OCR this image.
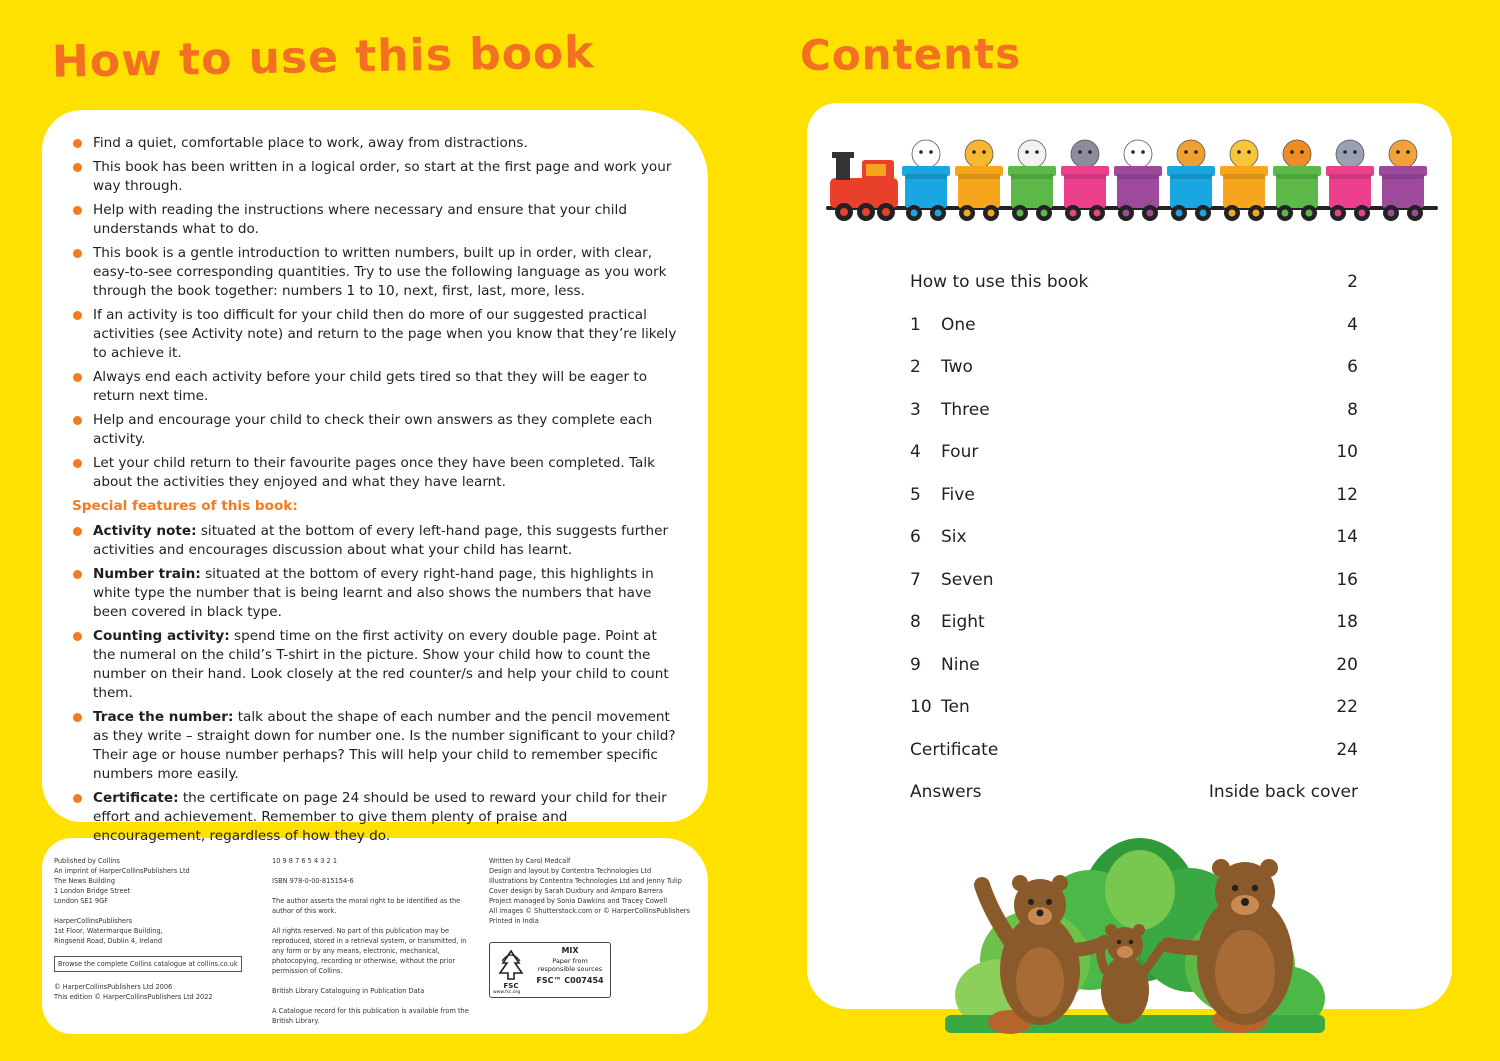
How to use this book	Contents
Find a quiet, comfortable place to work, away from distractions.
This book has been written in a logical order, so start at the first page and work your way through.
Help with reading the instructions where necessary and ensure that your child understands what to do.
This book is a gentle introduction to written numbers, built up in order, with clear, easy-to-see corresponding quantities. Try to use the following language as you work through the book together: numbers 1 to 10, next, first, last, more, less.
If an activity is too difficult for your child then do more of our suggested practical activities (see Activity note) and return to the page when you know that they’re likely to achieve it.
Always end each activity before your child gets tired so that they will be eager to return next time.
Help and encourage your child to check their own answers as they complete each activity.
Let your child return to their favourite pages once they have been completed. Talk about the activities they enjoyed and what they have learnt.

Special features of this book:

Activity note: situated at the bottom of every left-hand page, this suggests further activities and encourages discussion about what your child has learnt.
Number train: situated at the bottom of every right-hand page, this highlights in white type the number that is being learnt and also shows the numbers that have been covered in black type.
Counting activity: spend time on the first activity on every double page. Point at the numeral on the child’s T-shirt in the picture. Show your child how to count the number on their hand. Look closely at the red counter/s and help your child to count them.
Trace the number: talk about the shape of each number and the pencil movement as they write – straight down for number one. Is the number significant to your child? Their age or house number perhaps? This will help your child to remember specific numbers more easily.
Certificate: the certificate on page 24 should be used to reward your child for their effort and achievement. Remember to give them plenty of praise and encouragement, regardless of how they do.

Published by Collins
An imprint of HarperCollinsPublishers Ltd
The News Building
1 London Bridge Street
London SE1 9GF

HarperCollinsPublishers
1st Floor, Watermarque Building,
Ringsend Road, Dublin 4, Ireland

Browse the complete Collins catalogue at collins.co.uk

© HarperCollinsPublishers Ltd 2006
This edition © HarperCollinsPublishers Ltd 2022

10 9 8 7 6 5 4 3 2 1

ISBN 978-0-00-815154-6

The author asserts the moral right to be identified as the author of this work.

All rights reserved. No part of this publication may be reproduced, stored in a retrieval system, or transmitted, in any form or by any means, electronic, mechanical, photocopying, recording or otherwise, without the prior permission of Collins.

British Library Cataloguing in Publication Data

A Catalogue record for this publication is available from the British Library.

Written by Carol Medcalf
Design and layout by Contentra Technologies Ltd
Illustrations by Contentra Technologies Ltd and Jenny Tulip
Cover design by Sarah Duxbury and Amparo Barrera
Project managed by Sonia Dawkins and Tracey Cowell
All images © Shutterstock.com or © HarperCollinsPublishers
Printed in India

FSC
MIX
Paper from
responsible sources
FSC™ C007454
www.fsc.org
How to use this book	2
1 One	4
2 Two	6
3 Three	8
4 Four	10
5 Five	12
6 Six	14
7 Seven	16
8 Eight	18
9 Nine	20
10 Ten	22
Certificate	24
Answers	Inside back cover
